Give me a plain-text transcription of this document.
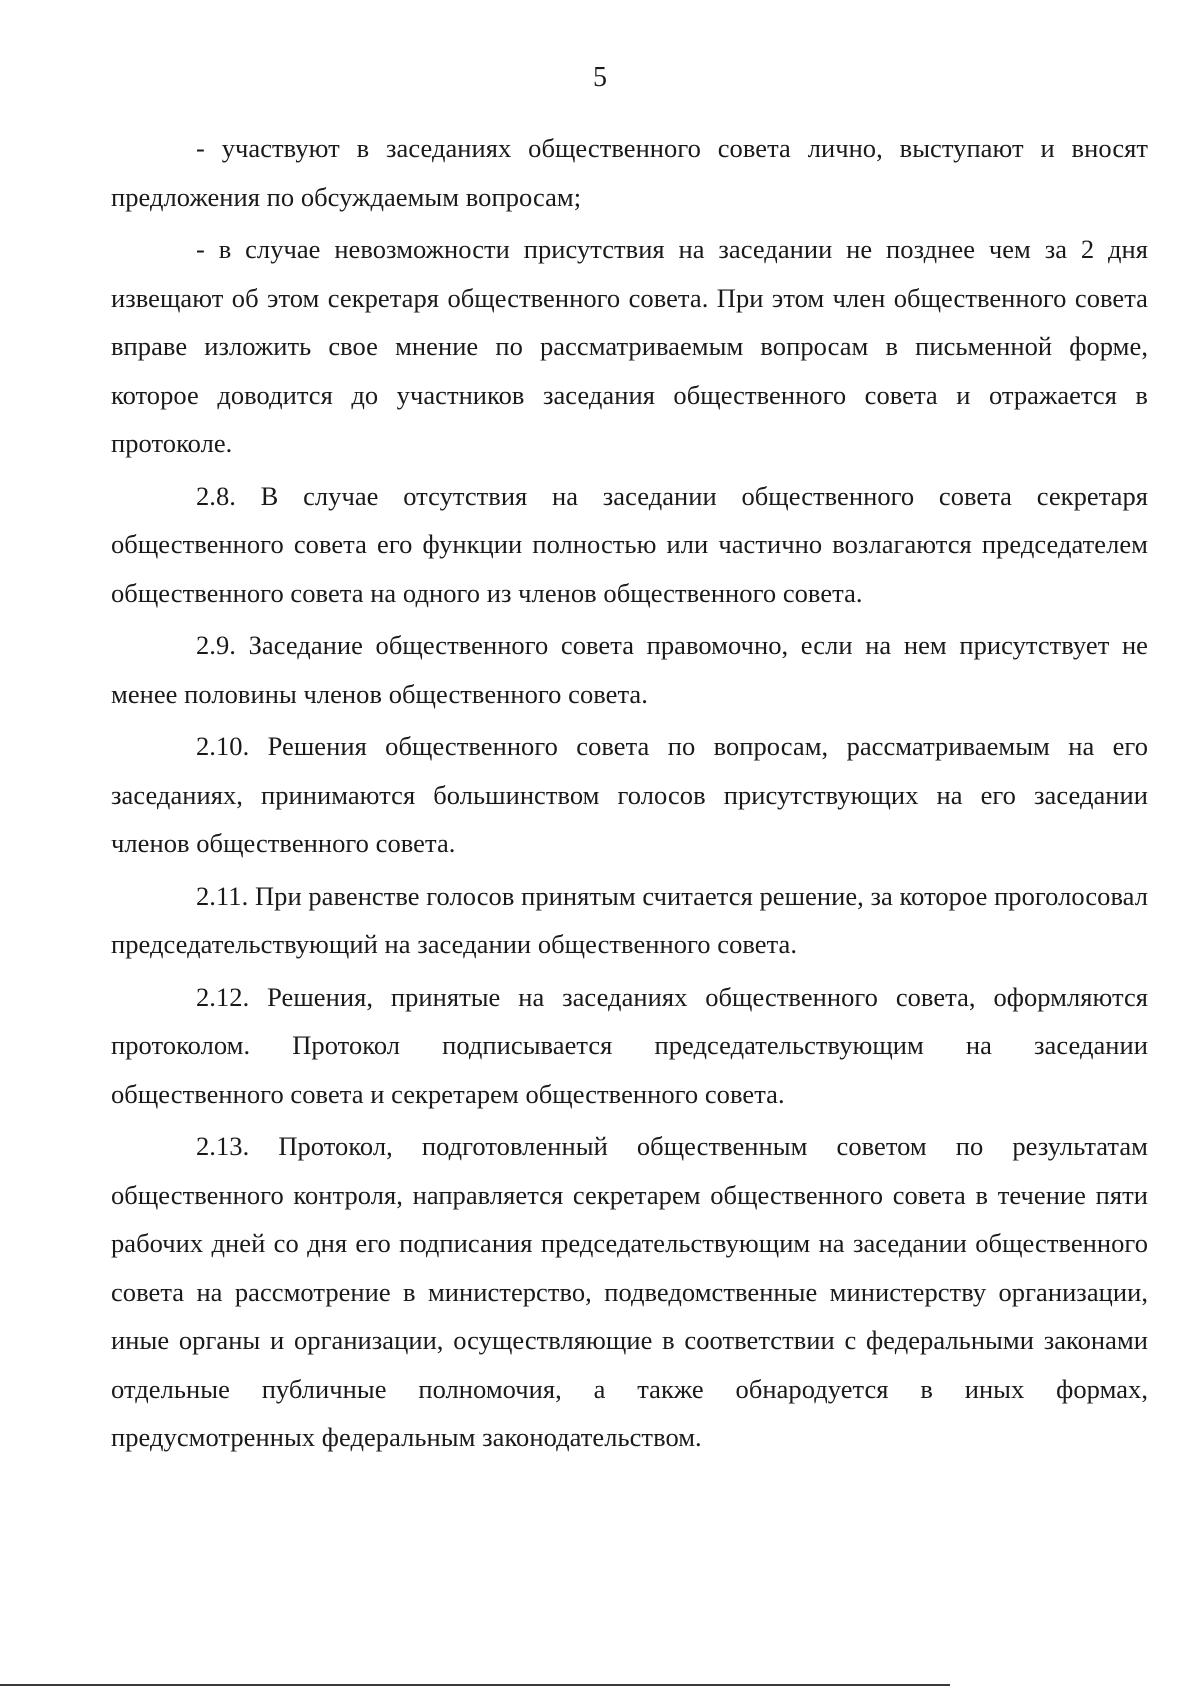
5

- участвуют в заседаниях общественного совета лично, выступают и вносят предложения по обсуждаемым вопросам;

- в случае невозможности присутствия на заседании не позднее чем за 2 дня извещают об этом секретаря общественного совета. При этом член общественного совета вправе изложить свое мнение по рассматриваемым вопросам в письменной форме, которое доводится до участников заседания общественного совета и отражается в протоколе.

2.8. В случае отсутствия на заседании общественного совета секретаря общественного совета его функции полностью или частично возлагаются председателем общественного совета на одного из членов общественного совета.

2.9. Заседание общественного совета правомочно, если на нем присутствует не менее половины членов общественного совета.

2.10. Решения общественного совета по вопросам, рассматриваемым на его заседаниях, принимаются большинством голосов присутствующих на его заседании членов общественного совета.

2.11. При равенстве голосов принятым считается решение, за которое проголосовал председательствующий на заседании общественного совета.

2.12. Решения, принятые на заседаниях общественного совета, оформляются протоколом. Протокол подписывается председательствующим на заседании общественного совета и секретарем общественного совета.

2.13. Протокол, подготовленный общественным советом по результатам общественного контроля, направляется секретарем общественного совета в течение пяти рабочих дней со дня его подписания председательствующим на заседании общественного совета на рассмотрение в министерство, подведомственные министерству организации, иные органы и организации, осуществляющие в соответствии с федеральными законами отдельные публичные полномочия, а также обнародуется в иных формах, предусмотренных федеральным законодательством.
